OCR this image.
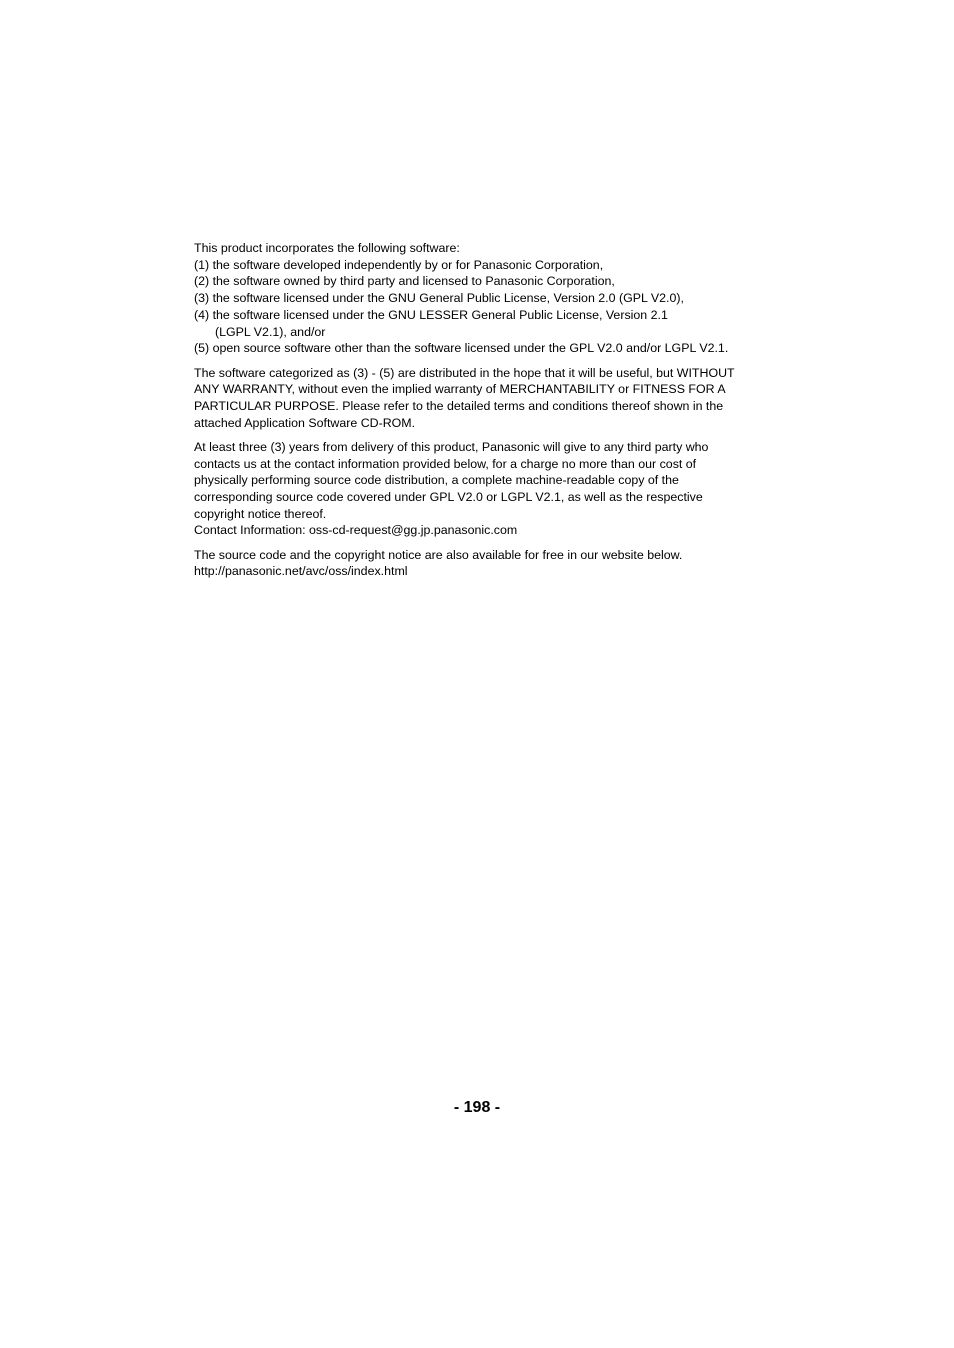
This product incorporates the following software:
(1) the software developed independently by or for Panasonic Corporation,
(2) the software owned by third party and licensed to Panasonic Corporation,
(3) the software licensed under the GNU General Public License, Version 2.0 (GPL V2.0),
(4) the software licensed under the GNU LESSER General Public License, Version 2.1
(LGPL V2.1), and/or
(5) open source software other than the software licensed under the GPL V2.0 and/or LGPL V2.1.
The software categorized as (3) - (5) are distributed in the hope that it will be useful, but WITHOUT
ANY WARRANTY, without even the implied warranty of MERCHANTABILITY or FITNESS FOR A
PARTICULAR PURPOSE. Please refer to the detailed terms and conditions thereof shown in the
attached Application Software CD-ROM.
At least three (3) years from delivery of this product, Panasonic will give to any third party who
contacts us at the contact information provided below, for a charge no more than our cost of
physically performing source code distribution, a complete machine-readable copy of the
corresponding source code covered under GPL V2.0 or LGPL V2.1, as well as the respective
copyright notice thereof.
Contact Information: oss-cd-request@gg.jp.panasonic.com
The source code and the copyright notice are also available for free in our website below.
http://panasonic.net/avc/oss/index.html
- 198 -
